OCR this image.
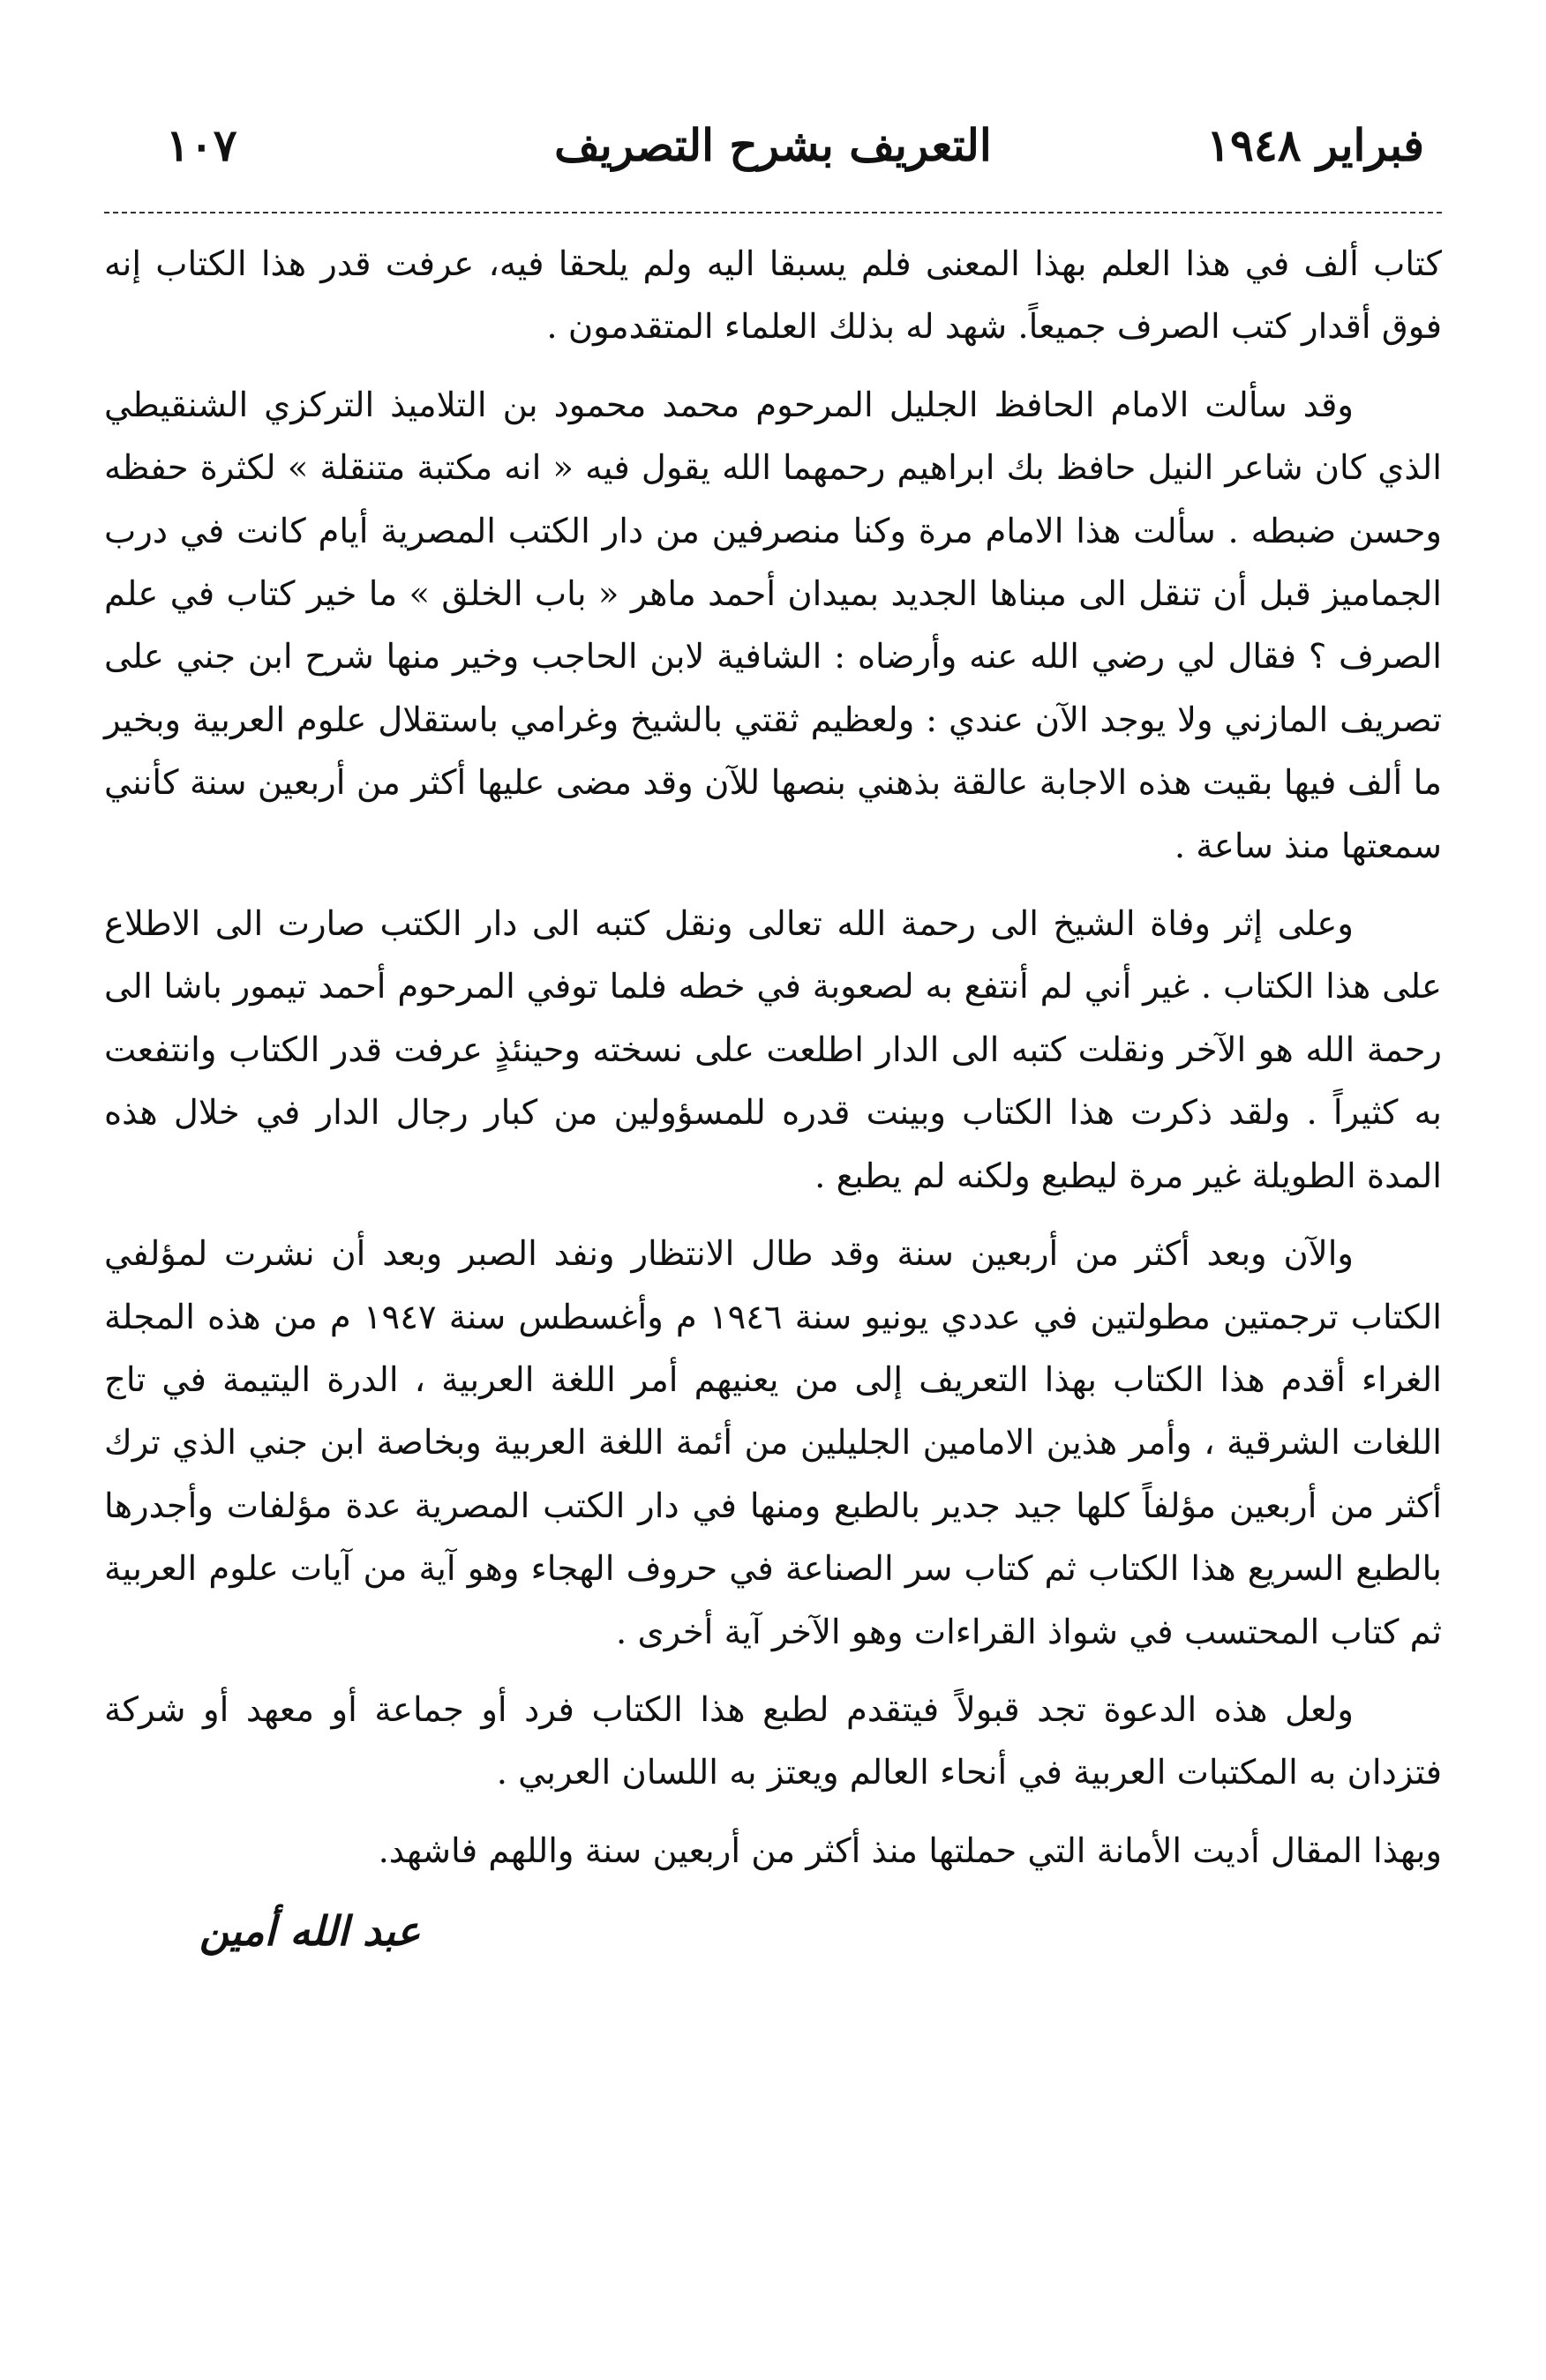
فبراير ١٩٤٨
التعريف بشرح التصريف
١٠٧

كتاب ألف في هذا العلم بهذا المعنى فلم يسبقا اليه ولم يلحقا فيه، عرفت قدر هذا الكتاب إنه فوق أقدار كتب الصرف جميعاً. شهد له بذلك العلماء المتقدمون .

وقد سألت الامام الحافظ الجليل المرحوم محمد محمود بن التلاميذ التركزي الشنقيطي الذي كان شاعر النيل حافظ بك ابراهيم رحمهما الله يقول فيه « انه مكتبة متنقلة » لكثرة حفظه وحسن ضبطه . سألت هذا الامام مرة وكنا منصرفين من دار الكتب المصرية أيام كانت في درب الجماميز قبل أن تنقل الى مبناها الجديد بميدان أحمد ماهر « باب الخلق » ما خير كتاب في علم الصرف ؟ فقال لي رضي الله عنه وأرضاه : الشافية لابن الحاجب وخير منها شرح ابن جني على تصريف المازني ولا يوجد الآن عندي : ولعظيم ثقتي بالشيخ وغرامي باستقلال علوم العربية وبخير ما ألف فيها بقيت هذه الاجابة عالقة بذهني بنصها للآن وقد مضى عليها أكثر من أربعين سنة كأنني سمعتها منذ ساعة .

وعلى إثر وفاة الشيخ الى رحمة الله تعالى ونقل كتبه الى دار الكتب صارت الى الاطلاع على هذا الكتاب . غير أني لم أنتفع به لصعوبة في خطه فلما توفي المرحوم أحمد تيمور باشا الى رحمة الله هو الآخر ونقلت كتبه الى الدار اطلعت على نسخته وحينئذٍ عرفت قدر الكتاب وانتفعت به كثيراً . ولقد ذكرت هذا الكتاب وبينت قدره للمسؤولين من كبار رجال الدار في خلال هذه المدة الطويلة غير مرة ليطبع ولكنه لم يطبع .

والآن وبعد أكثر من أربعين سنة وقد طال الانتظار ونفد الصبر وبعد أن نشرت لمؤلفي الكتاب ترجمتين مطولتين في عددي يونيو سنة ١٩٤٦ م وأغسطس سنة ١٩٤٧ م من هذه المجلة الغراء أقدم هذا الكتاب بهذا التعريف إلى من يعنيهم أمر اللغة العربية ، الدرة اليتيمة في تاج اللغات الشرقية ، وأمر هذين الامامين الجليلين من أئمة اللغة العربية وبخاصة ابن جني الذي ترك أكثر من أربعين مؤلفاً كلها جيد جدير بالطبع ومنها في دار الكتب المصرية عدة مؤلفات وأجدرها بالطبع السريع هذا الكتاب ثم كتاب سر الصناعة في حروف الهجاء وهو آية من آيات علوم العربية ثم كتاب المحتسب في شواذ القراءات وهو الآخر آية أخرى .

ولعل هذه الدعوة تجد قبولاً فيتقدم لطبع هذا الكتاب فرد أو جماعة أو معهد أو شركة فتزدان به المكتبات العربية في أنحاء العالم ويعتز به اللسان العربي .

وبهذا المقال أديت الأمانة التي حملتها منذ أكثر من أربعين سنة واللهم فاشهد.

عبد الله أمين
